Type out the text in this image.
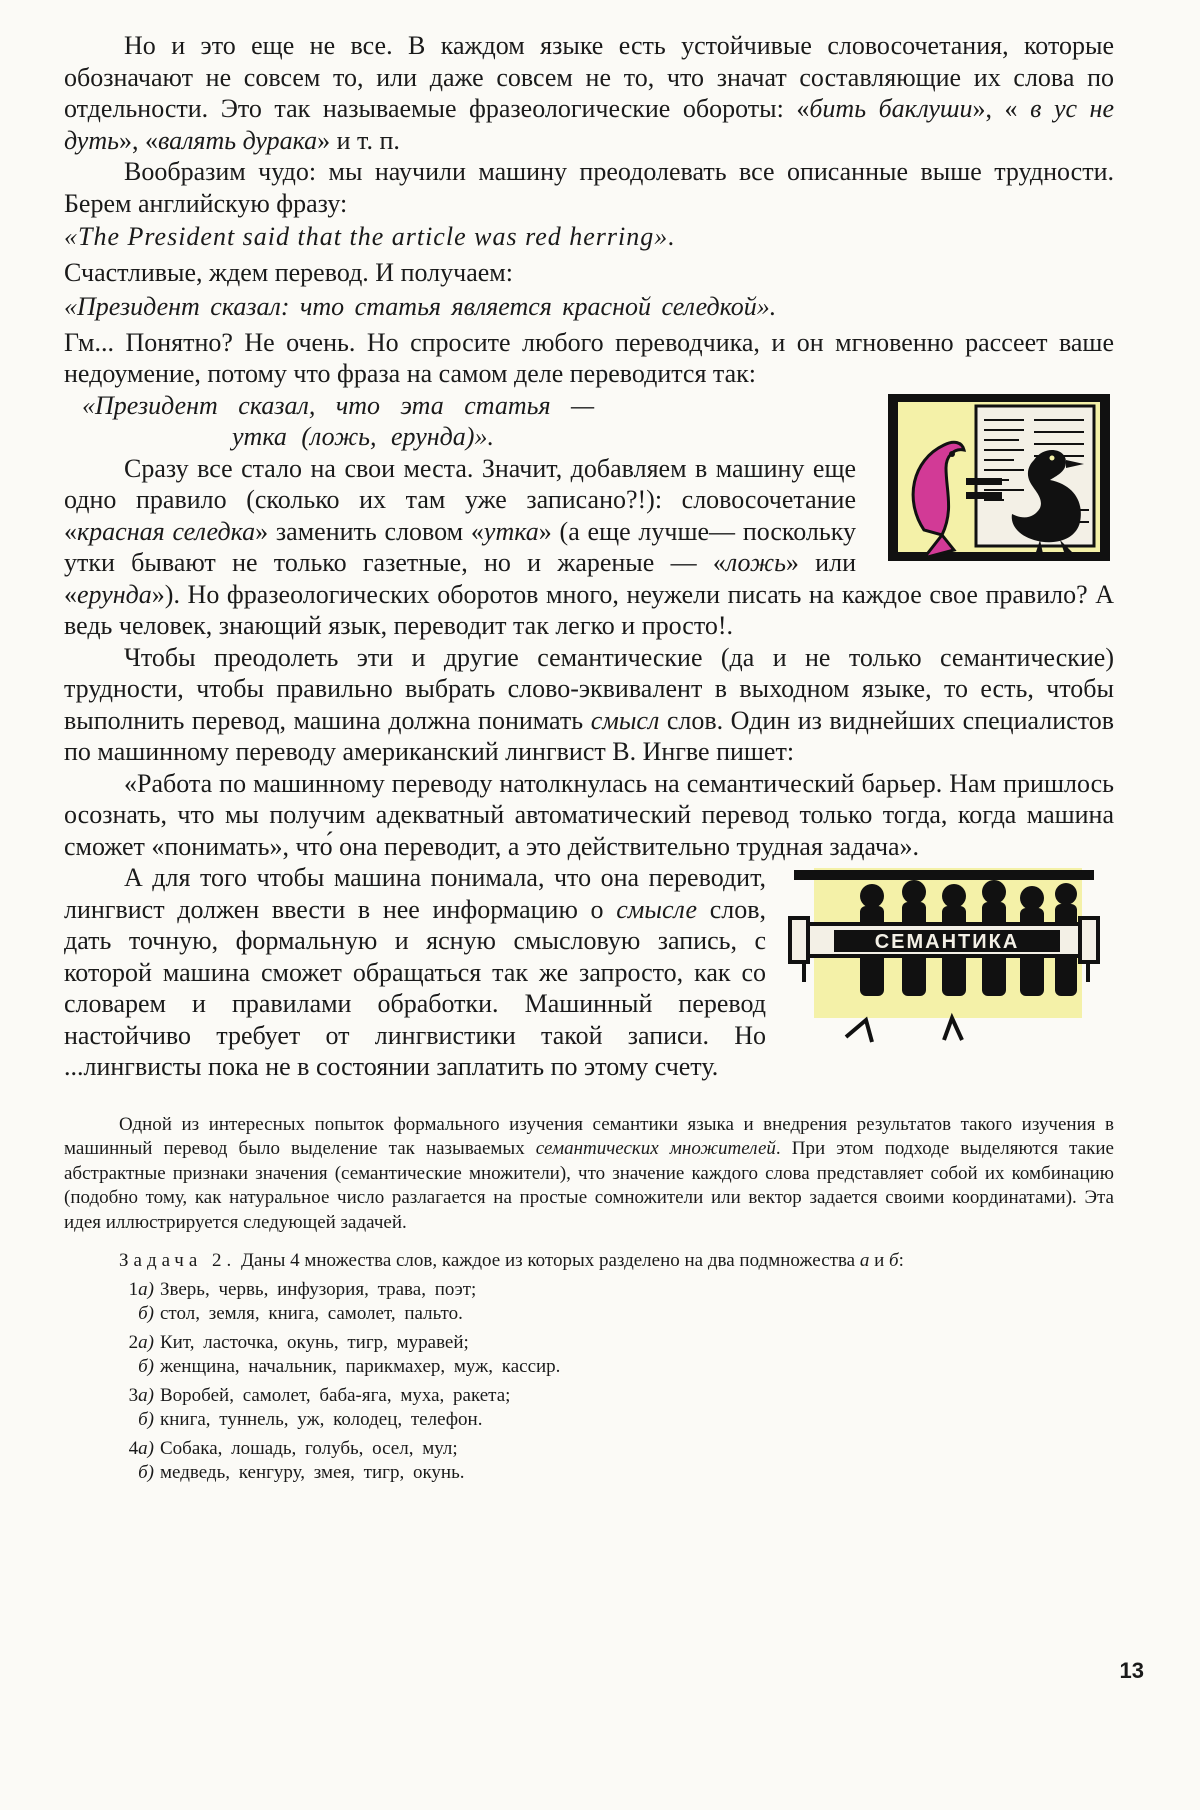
Но и это еще не все. В каждом языке есть устойчивые словосочетания, которые обозначают не совсем то, или даже совсем не то, что значат составляющие их слова по отдельности. Это так называемые фразеологические обороты: «бить баклуши», « в ус не дуть», «валять дурака» и т. п.

Вообразим чудо: мы научили машину преодолевать все описанные выше трудности. Берем английскую фразу:

«The President said that the article was red herring».

Счастливые, ждем перевод. И получаем:

«Президент сказал: что статья является красной селедкой».

Гм... Понятно? Не очень. Но спросите любого переводчика, и он мгновенно рассеет ваше недоумение, потому что фраза на самом деле переводится так:

«Президент сказал, что эта статья —

утка (ложь, ерунда)».

Сразу все стало на свои места. Значит, добавляем в машину еще одно правило (сколько их там уже записано?!): словосочетание «красная селедка» заменить словом «утка» (а еще лучше— поскольку утки бывают не только газетные, но и жареные — «ложь» или «ерунда»). Но фразеологических оборотов много, неужели писать на каждое свое правило? А ведь человек, знающий язык, переводит так легко и просто!.

Чтобы преодолеть эти и другие семантические (да и не только семантические) трудности, чтобы правильно выбрать слово-эквивалент в выходном языке, то есть, чтобы выполнить перевод, машина должна понимать смысл слов. Один из виднейших специалистов по машинному переводу американский лингвист В. Ингве пишет:

«Работа по машинному переводу натолкнулась на семантический барьер. Нам пришлось осознать, что мы получим адекватный автоматический перевод только тогда, когда машина сможет «понимать», что́ она переводит, а это действительно трудная задача».

СЕМАНТИКА

А для того чтобы машина понимала, что она переводит, лингвист должен ввести в нее информацию о смысле слов, дать точную, формальную и ясную смысловую запись, с которой машина сможет обращаться так же запросто, как со словарем и правилами обработки. Машинный перевод настойчиво требует от лингвистики такой записи. Но ...лингвисты пока не в состоянии заплатить по этому счету.

Одной из интересных попыток формального изучения семантики языка и внедрения результатов такого изучения в машинный перевод было выделение так называемых семантических множителей. При этом подходе выделяются такие абстрактные признаки значения (семантические множители), что значение каждого слова представляет собой их комбинацию (подобно тому, как натуральное число разлагается на простые сомножители или вектор задается своими координатами). Эта идея иллюстрируется следующей задачей.

Задача 2. Даны 4 множества слов, каждое из которых разделено на два подмножества а и б:

1а) Зверь, червь, инфузория, трава, поэт;
б) стол, земля, книга, самолет, пальто.
2а) Кит, ласточка, окунь, тигр, муравей;
б) женщина, начальник, парикмахер, муж, кассир.
3а) Воробей, самолет, баба-яга, муха, ракета;
б) книга, туннель, уж, колодец, телефон.
4а) Собака, лошадь, голубь, осел, мул;
б) медведь, кенгуру, змея, тигр, окунь.
13
